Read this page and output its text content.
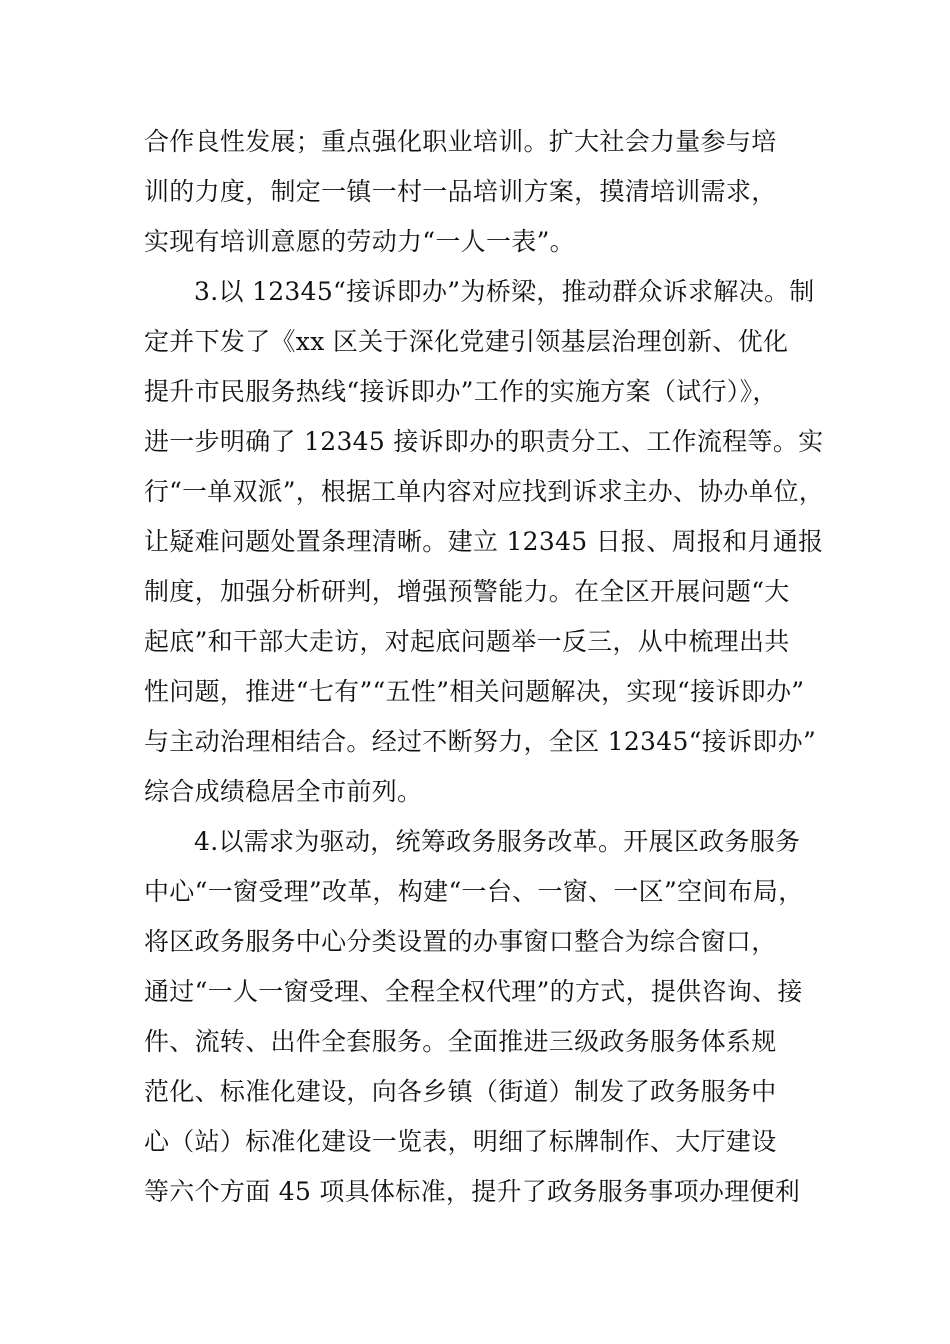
合作良性发展；重点强化职业培训。扩大社会力量参与培
训的力度，制定一镇一村一品培训方案，摸清培训需求，
实现有培训意愿的劳动力“一人一表”。
3.以 12345“接诉即办”为桥梁，推动群众诉求解决。制
定并下发了《xx 区关于深化党建引领基层治理创新、优化
提升市民服务热线“接诉即办”工作的实施方案（试行）》，
进一步明确了 12345 接诉即办的职责分工、工作流程等。实
行“一单双派”，根据工单内容对应找到诉求主办、协办单位，
让疑难问题处置条理清晰。建立 12345 日报、周报和月通报
制度，加强分析研判，增强预警能力。在全区开展问题“大
起底”和干部大走访，对起底问题举一反三，从中梳理出共
性问题，推进“七有”“五性”相关问题解决，实现“接诉即办”
与主动治理相结合。经过不断努力，全区 12345“接诉即办”
综合成绩稳居全市前列。
4.以需求为驱动，统筹政务服务改革。开展区政务服务
中心“一窗受理”改革，构建“一台、一窗、一区”空间布局，
将区政务服务中心分类设置的办事窗口整合为综合窗口，
通过“一人一窗受理、全程全权代理”的方式，提供咨询、接
件、流转、出件全套服务。全面推进三级政务服务体系规
范化、标准化建设，向各乡镇（街道）制发了政务服务中
心（站）标准化建设一览表，明细了标牌制作、大厅建设
等六个方面 45 项具体标准，提升了政务服务事项办理便利
